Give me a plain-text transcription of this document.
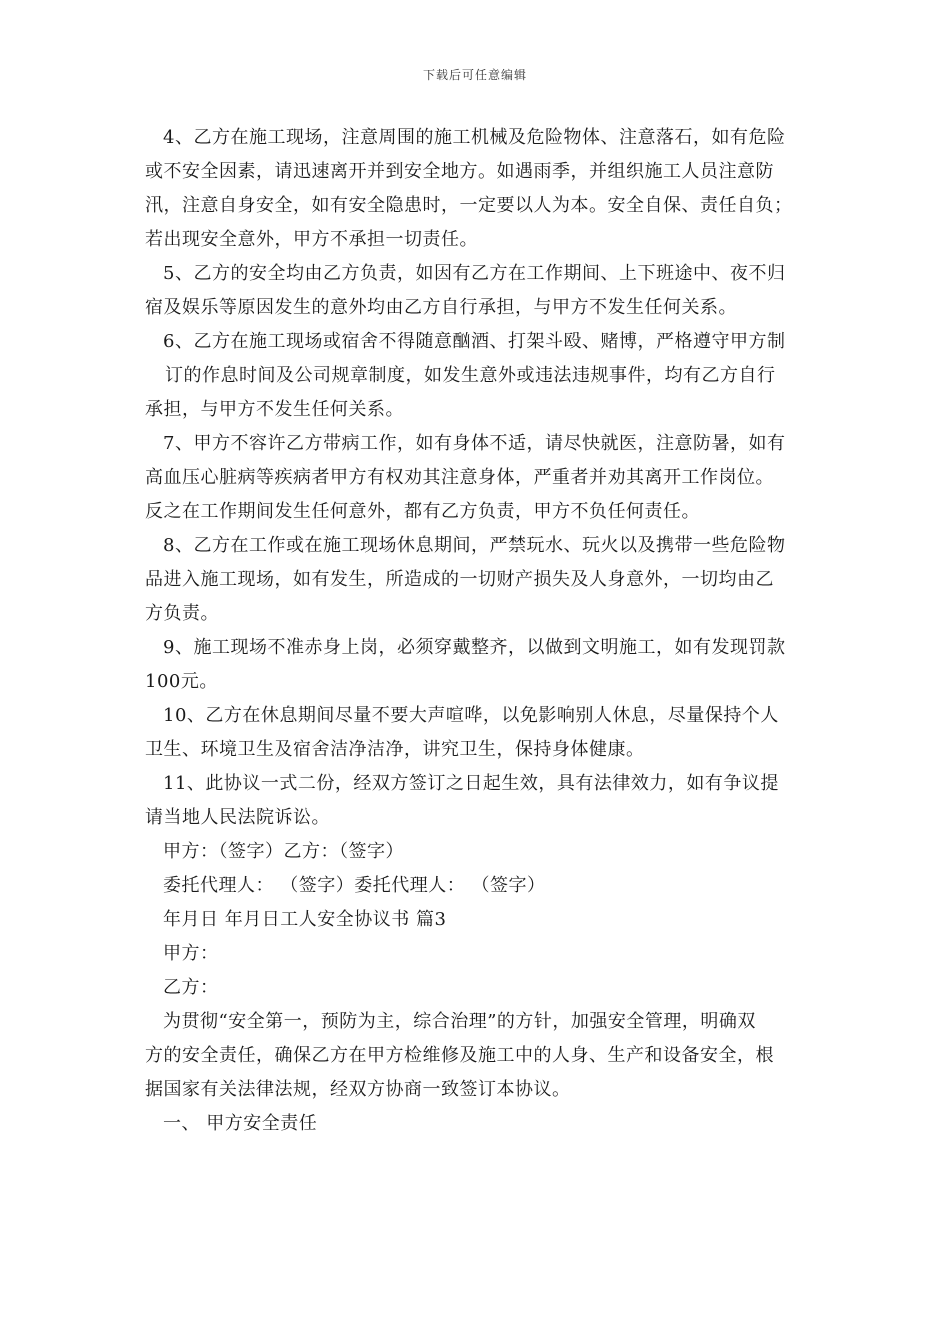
下载后可任意编辑
4、乙方在施工现场，注意周围的施工机械及危险物体、注意落石，如有危险
或不安全因素，请迅速离开并到安全地方。如遇雨季，并组织施工人员注意防
汛，注意自身安全，如有安全隐患时，一定要以人为本。安全自保、责任自负；
若出现安全意外，甲方不承担一切责任。
5、乙方的安全均由乙方负责，如因有乙方在工作期间、上下班途中、夜不归
宿及娱乐等原因发生的意外均由乙方自行承担，与甲方不发生任何关系。
6、乙方在施工现场或宿舍不得随意酗酒、打架斗殴、赌博，严格遵守甲方制
订的作息时间及公司规章制度，如发生意外或违法违规事件，均有乙方自行
承担，与甲方不发生任何关系。
7、甲方不容许乙方带病工作，如有身体不适，请尽快就医，注意防暑，如有
高血压心脏病等疾病者甲方有权劝其注意身体，严重者并劝其离开工作岗位。
反之在工作期间发生任何意外，都有乙方负责，甲方不负任何责任。
8、乙方在工作或在施工现场休息期间，严禁玩水、玩火以及携带一些危险物
品进入施工现场，如有发生，所造成的一切财产损失及人身意外，一切均由乙
方负责。
9、施工现场不准赤身上岗，必须穿戴整齐，以做到文明施工，如有发现罚款
100元。
10、乙方在休息期间尽量不要大声喧哗，以免影响别人休息，尽量保持个人
卫生、环境卫生及宿舍洁净洁净，讲究卫生，保持身体健康。
11、此协议一式二份，经双方签订之日起生效，具有法律效力，如有争议提
请当地人民法院诉讼。
甲方：（签字）乙方：（签字）
委托代理人： （签字）委托代理人： （签字）
年月日 年月日工人安全协议书 篇3
甲方：
乙方：
为贯彻“安全第一，预防为主，综合治理”的方针，加强安全管理，明确双
方的安全责任，确保乙方在甲方检维修及施工中的人身、生产和设备安全，根
据国家有关法律法规，经双方协商一致签订本协议。
一、 甲方安全责任
